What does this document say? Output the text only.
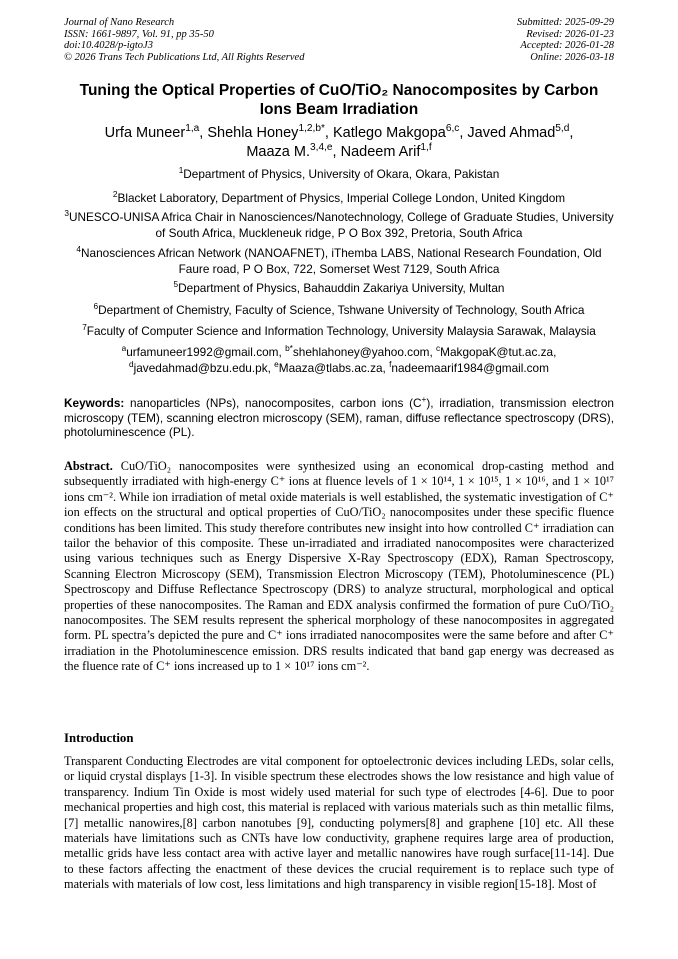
Journal of Nano Research
ISSN: 1661-9897, Vol. 91, pp 35-50
doi:10.4028/p-igtoJ3
© 2026 Trans Tech Publications Ltd, All Rights Reserved
Submitted: 2025-09-29
Revised: 2026-01-23
Accepted: 2026-01-28
Online: 2026-03-18
Tuning the Optical Properties of CuO/TiO₂ Nanocomposites by Carbon Ions Beam Irradiation
Urfa Muneer$^{1,a}$, Shehla Honey$^{1,2,b*}$, Katlego Makgopa$^{6,c}$, Javed Ahmad$^{5,d}$,
Maaza M.$^{3,4,e}$, Nadeem Arif$^{1,f}$
$^1$Department of Physics, University of Okara, Okara, Pakistan
$^2$Blacket Laboratory, Department of Physics, Imperial College London, United Kingdom
$^3$UNESCO-UNISA Africa Chair in Nanosciences/Nanotechnology, College of Graduate Studies, University of South Africa, Muckleneuk ridge, P O Box 392, Pretoria, South Africa
$^4$Nanosciences African Network (NANOAFNET), iThemba LABS, National Research Foundation, Old Faure road, P O Box, 722, Somerset West 7129, South Africa
$^5$Department of Physics, Bahauddin Zakariya University, Multan
$^6$Department of Chemistry, Faculty of Science, Tshwane University of Technology, South Africa
$^7$Faculty of Computer Science and Information Technology, University Malaysia Sarawak, Malaysia
$^a$urfamuneer1992@gmail.com, $^{b*}$shehlahoney@yahoo.com, $^c$MakgopaK@tut.ac.za,
$^d$javedahmad@bzu.edu.pk, $^e$Maaza@tlabs.ac.za, $^f$nadeemaarif1984@gmail.com
Keywords: nanoparticles (NPs), nanocomposites, carbon ions (C+), irradiation, transmission electron microscopy (TEM), scanning electron microscopy (SEM), raman, diffuse reflectance spectroscopy (DRS), photoluminescence (PL).
Abstract. CuO/TiO₂ nanocomposites were synthesized using an economical drop-casting method and subsequently irradiated with high-energy C⁺ ions at fluence levels of 1 × 10¹⁴, 1 × 10¹⁵, 1 × 10¹⁶, and 1 × 10¹⁷ ions cm⁻². While ion irradiation of metal oxide materials is well established, the systematic investigation of C⁺ ion effects on the structural and optical properties of CuO/TiO₂ nanocomposites under these specific fluence conditions has been limited. This study therefore contributes new insight into how controlled C⁺ irradiation can tailor the behavior of this composite. These un-irradiated and irradiated nanocomposites were characterized using various techniques such as Energy Dispersive X-Ray Spectroscopy (EDX), Raman Spectroscopy, Scanning Electron Microscopy (SEM), Transmission Electron Microscopy (TEM), Photoluminescence (PL) Spectroscopy and Diffuse Reflectance Spectroscopy (DRS) to analyze structural, morphological and optical properties of these nanocomposites. The Raman and EDX analysis confirmed the formation of pure CuO/TiO₂ nanocomposites. The SEM results represent the spherical morphology of these nanocomposites in aggregated form. PL spectra’s depicted the pure and C⁺ ions irradiated nanocomposites were the same before and after C⁺ irradiation in the Photoluminescence emission. DRS results indicated that band gap energy was decreased as the fluence rate of C⁺ ions increased up to 1 × 10¹⁷ ions cm⁻².
Introduction
Transparent Conducting Electrodes are vital component for optoelectronic devices including LEDs, solar cells, or liquid crystal displays [1-3]. In visible spectrum these electrodes shows the low resistance and high value of transparency. Indium Tin Oxide is most widely used material for such type of electrodes [4-6]. Due to poor mechanical properties and high cost, this material is replaced with various materials such as thin metallic films,[7] metallic nanowires,[8] carbon nanotubes [9], conducting polymers[8] and graphene [10] etc. All these materials have limitations such as CNTs have low conductivity, graphene requires large area of production, metallic grids have less contact area with active layer and metallic nanowires have rough surface[11-14]. Due to these factors affecting the enactment of these devices the crucial requirement is to replace such type of materials with materials of low cost, less limitations and high transparency in visible region[15-18]. Most of
